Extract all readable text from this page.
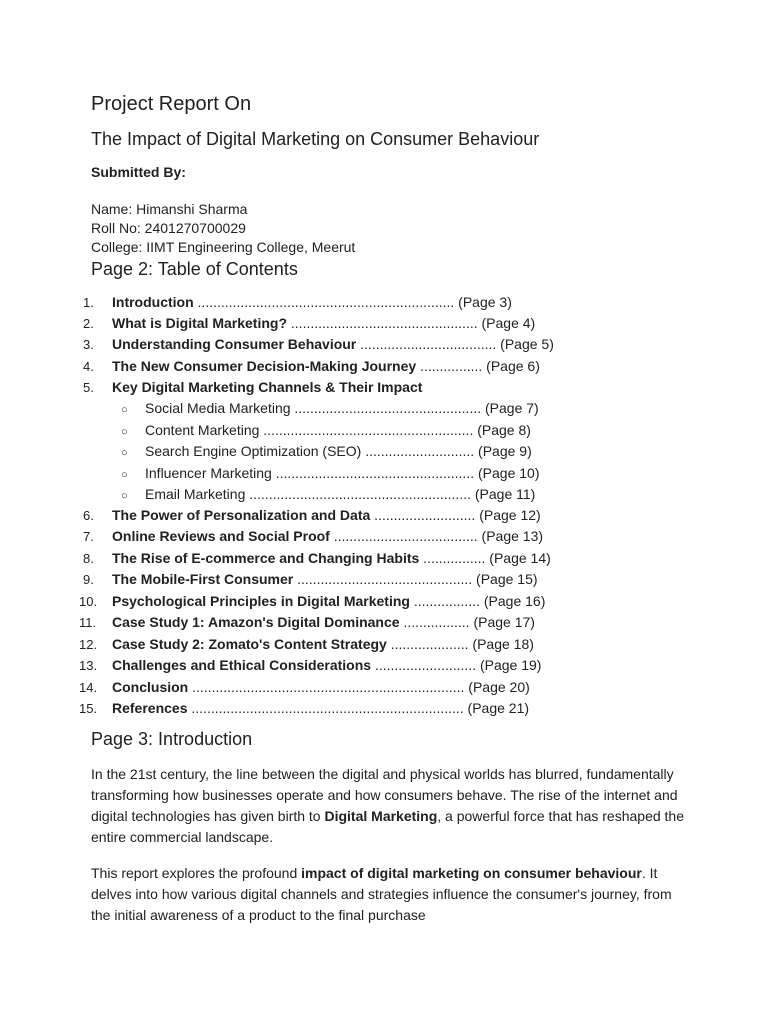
Project Report On
The Impact of Digital Marketing on Consumer Behaviour
Submitted By:
Name: Himanshi Sharma
Roll No: 2401270700029
College: IIMT Engineering College, Meerut
Page 2: Table of Contents
1. Introduction .................................................................. (Page 3)
2. What is Digital Marketing? ................................................ (Page 4)
3. Understanding Consumer Behaviour ................................... (Page 5)
4. The New Consumer Decision-Making Journey ................ (Page 6)
5. Key Digital Marketing Channels & Their Impact
○ Social Media Marketing ................................................ (Page 7)
○ Content Marketing ...................................................... (Page 8)
○ Search Engine Optimization (SEO) ............................ (Page 9)
○ Influencer Marketing ................................................... (Page 10)
○ Email Marketing ......................................................... (Page 11)
6. The Power of Personalization and Data .......................... (Page 12)
7. Online Reviews and Social Proof ..................................... (Page 13)
8. The Rise of E-commerce and Changing Habits ................ (Page 14)
9. The Mobile-First Consumer ............................................. (Page 15)
10. Psychological Principles in Digital Marketing ................. (Page 16)
11. Case Study 1: Amazon's Digital Dominance ................. (Page 17)
12. Case Study 2: Zomato's Content Strategy .................... (Page 18)
13. Challenges and Ethical Considerations .......................... (Page 19)
14. Conclusion ...................................................................... (Page 20)
15. References ...................................................................... (Page 21)
Page 3: Introduction

In the 21st century, the line between the digital and physical worlds has blurred, fundamentally transforming how businesses operate and how consumers behave. The rise of the internet and digital technologies has given birth to Digital Marketing, a powerful force that has reshaped the entire commercial landscape.

This report explores the profound impact of digital marketing on consumer behaviour. It delves into how various digital channels and strategies influence the consumer's journey, from the initial awareness of a product to the final purchase
